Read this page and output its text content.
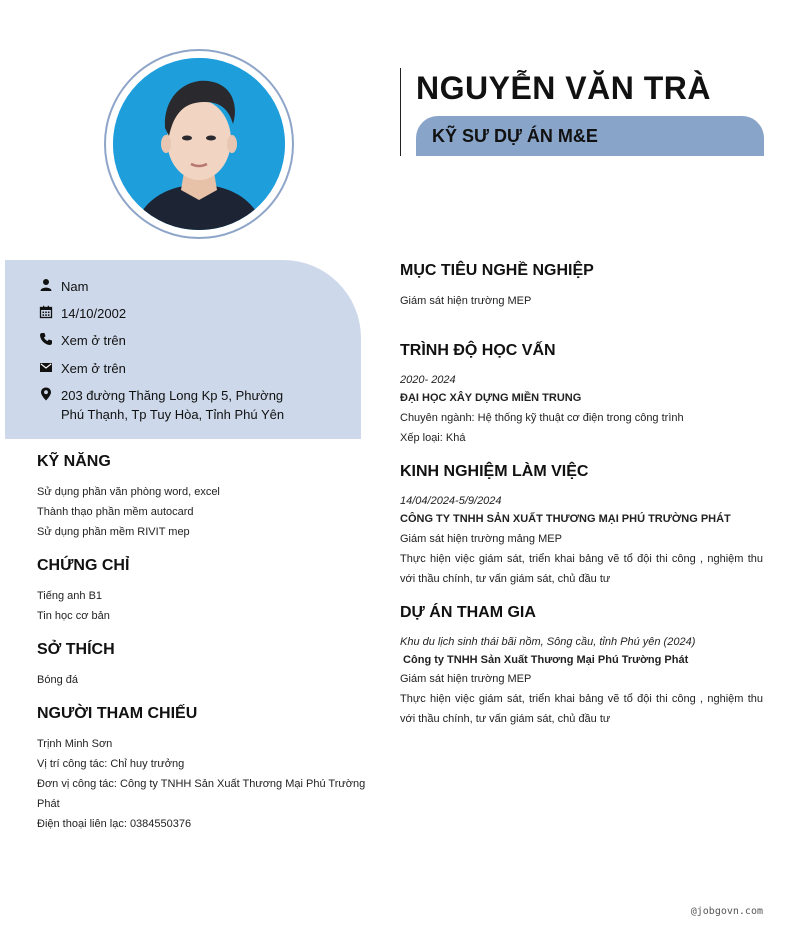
NGUYỄN VĂN TRÀ
KỸ SƯ DỰ ÁN M&E
Nam
14/10/2002
Xem ở trên
Xem ở trên
203 đường Thăng Long Kp 5, Phường Phú Thạnh, Tp Tuy Hòa, Tỉnh Phú Yên
KỸ NĂNG
Sử dụng phần văn phòng word, excel
Thành thạo phần mềm autocard
Sử dụng phần mềm RIVIT mep
CHỨNG CHỈ
Tiếng anh B1
Tin học cơ bản
SỞ THÍCH
Bóng đá
NGƯỜI THAM CHIẾU
Trịnh Minh Sơn
Vị trí công tác: Chỉ huy trưởng
Đơn vị công tác: Công ty TNHH Sản Xuất Thương Mại Phú Trường Phát
Điện thoại liên lạc: 0384550376
MỤC TIÊU NGHỀ NGHIỆP
Giám sát hiện trường MEP
TRÌNH ĐỘ HỌC VẤN
2020- 2024
ĐẠI HỌC XÂY DỰNG MIỀN TRUNG
Chuyên ngành: Hệ thống kỹ thuật cơ điện trong công trình
Xếp loại: Khá
KINH NGHIỆM LÀM VIỆC
14/04/2024-5/9/2024
CÔNG TY TNHH SẢN XUẤT THƯƠNG MẠI PHÚ TRƯỜNG PHÁT
Giám sát hiện trường mảng MEP
Thực hiện việc giám sát, triển khai bảng vẽ tổ đội thi công , nghiệm thu với thầu chính, tư vấn giám sát, chủ đầu tư
DỰ ÁN THAM GIA
Khu du lịch sinh thái bãi nồm, Sông cầu, tỉnh Phú yên (2024)
Công ty TNHH Sản Xuất Thương Mại Phú Trường Phát
Giám sát hiện trường MEP
Thực hiện việc giám sát, triển khai bảng vẽ tổ đội thi công , nghiệm thu với thầu chính, tư vấn giám sát, chủ đầu tư
@jobgovn.com
